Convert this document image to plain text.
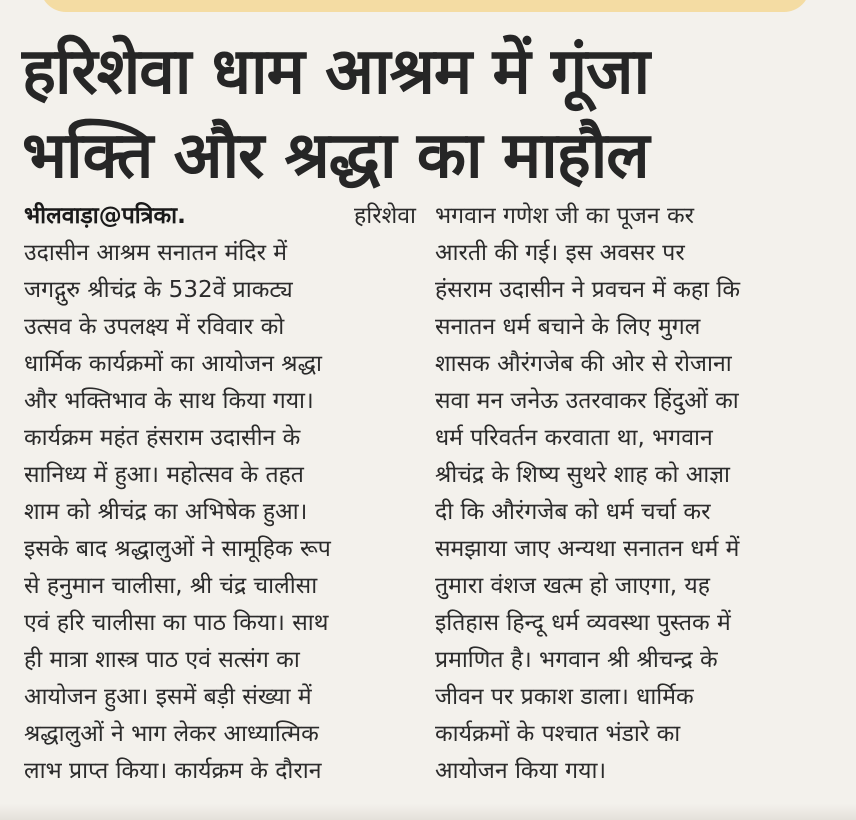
हरिशेवा धाम आश्रम में गूंजा
भक्ति और श्रद्धा का माहौल
भीलवाड़ा@पत्रिका.	हरिशेवा
उदासीन आश्रम सनातन मंदिर में
जगद्गुरु श्रीचंद्र के 532वें प्राकट्य
उत्सव के उपलक्ष्य में रविवार को
धार्मिक कार्यक्रमों का आयोजन श्रद्धा
और भक्तिभाव के साथ किया गया।
कार्यक्रम महंत हंसराम उदासीन के
सानिध्य में हुआ। महोत्सव के तहत
शाम को श्रीचंद्र का अभिषेक हुआ।
इसके बाद श्रद्धालुओं ने सामूहिक रूप
से हनुमान चालीसा, श्री चंद्र चालीसा
एवं हरि चालीसा का पाठ किया। साथ
ही मात्रा शास्त्र पाठ एवं सत्संग का
आयोजन हुआ। इसमें बड़ी संख्या में
श्रद्धालुओं ने भाग लेकर आध्यात्मिक
लाभ प्राप्त किया। कार्यक्रम के दौरान
भगवान गणेश जी का पूजन कर
आरती की गई। इस अवसर पर
हंसराम उदासीन ने प्रवचन में कहा कि
सनातन धर्म बचाने के लिए मुगल
शासक औरंगजेब की ओर से रोजाना
सवा मन जनेऊ उतरवाकर हिंदुओं का
धर्म परिवर्तन करवाता था, भगवान
श्रीचंद्र के शिष्य सुथरे शाह को आज्ञा
दी कि औरंगजेब को धर्म चर्चा कर
समझाया जाए अन्यथा सनातन धर्म में
तुमारा वंशज खत्म हो जाएगा, यह
इतिहास हिन्दू धर्म व्यवस्था पुस्तक में
प्रमाणित है। भगवान श्री श्रीचन्द्र के
जीवन पर प्रकाश डाला। धार्मिक
कार्यक्रमों के पश्चात भंडारे का
आयोजन किया गया।
